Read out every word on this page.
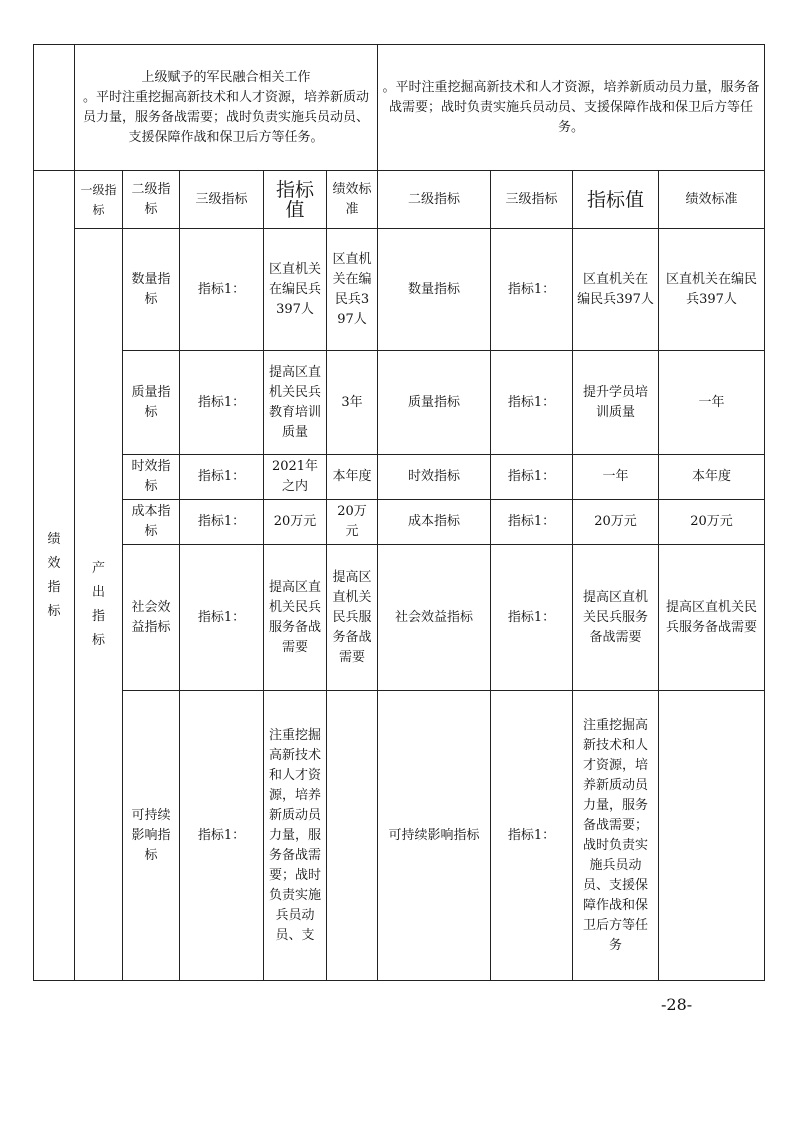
	上级赋予的军民融合相关工作
。平时注重挖掘高新技术和人才资源，培养新质动员力量，服务备战需要；战时负责实施兵员动员、支援保障作战和保卫后方等任务。					。平时注重挖掘高新技术和人才资源，培养新质动员力量，服务备战需要；战时负责实施兵员动员、支援保障作战和保卫后方等任务。			
绩效指标	一级指标	二级指标	三级指标	指标值	绩效标准	二级指标	三级指标	指标值	绩效标准
	产出指标	数量指标	指标1：	区直机关在编民兵397人	区直机关在编民兵397人	数量指标	指标1：	区直机关在编民兵397人	区直机关在编民兵397人
		质量指标	指标1：	提高区直机关民兵教育培训质量	3年	质量指标	指标1：	提升学员培训质量	一年
		时效指标	指标1：	2021年之内	本年度	时效指标	指标1：	一年	本年度
		成本指标	指标1：	20万元	20万元	成本指标	指标1：	20万元	20万元
		社会效益指标	指标1：	提高区直机关民兵服务备战需要	提高区直机关民兵服务备战需要	社会效益指标	指标1：	提高区直机关民兵服务备战需要	提高区直机关民兵服务备战需要
		可持续影响指标	指标1：	注重挖掘高新技术和人才资源，培养新质动员力量，服务备战需要；战时负责实施兵员动员、支		可持续影响指标	指标1：	注重挖掘高新技术和人才资源，培养新质动员力量，服务备战需要；战时负责实施兵员动员、支援保障作战和保卫后方等任务	
-28-
